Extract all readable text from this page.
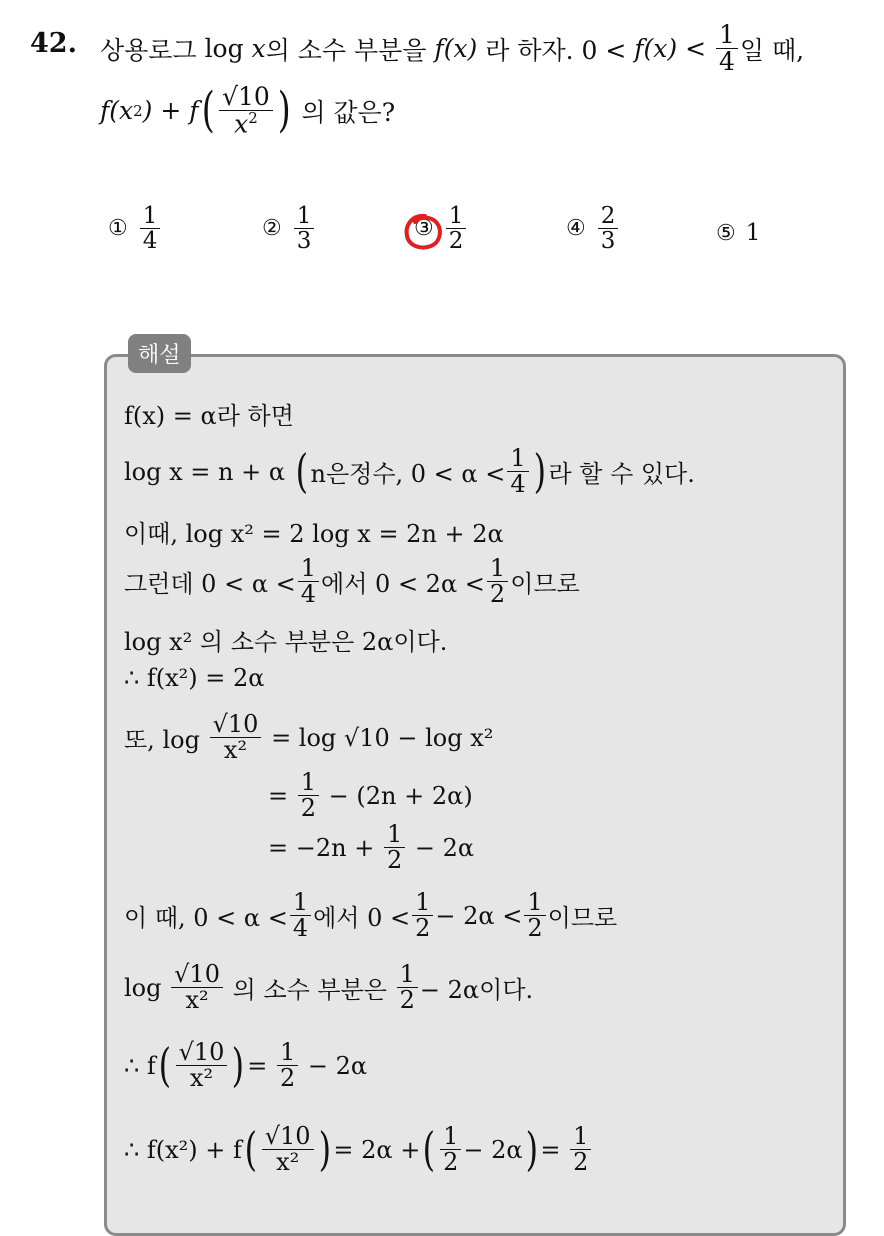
42. 상용로그
log
x 의 소수 부분을
f(x)
라 하자. 0 <
f(x)
<
$\frac{1}{4}$ 일 때,
f(x 2 ) + f ( $\frac{√10}{x^2}$ )
의 값은?
① $\frac{1}{4}$	② $\frac{1}{3}$	③ $\frac{1}{2}$	④ $\frac{2}{3}$	⑤ 1
해설
f(x) = α라 하면
log x = n + α
( n은정수, $0 < \alpha < \frac{1}{4}$ ) 라 할 수 있다.
이때, log x² = 2 log x = 2n + 2α
그런데 $0 < \alpha < \frac{1}{4}$ 에서 $0 < 2\alpha < \frac{1}{2}$ 이므로
log x² 의 소수 부분은 2α이다.
∴ f(x²) = 2α
또, log
$\frac{√10}{\text{x²}}$
= log √10 − log x²
=
$\frac{1}{2}$
− (2n + 2α)
= −2n +
$\frac{1}{2}$
− 2α
이 때, $0 < \alpha < \frac{1}{4}$ 에서 $0 < \frac{1}{2} - 2\alpha < \frac{1}{2}$ 이므로
log
$\frac{√10}{\text{x²}}$
의 소수 부분은
$\frac{1}{2} - 2\alpha$이다.
∴ f ( $\frac{√10}{\text{x²}}$ ) =
$\frac{1}{2}$
− 2α
∴ f(x²) + f ( $\frac{√10}{\text{x²}}$ ) = 2α + ( $\frac{1}{2} - 2\alpha$ ) =
$\frac{1}{2}$
